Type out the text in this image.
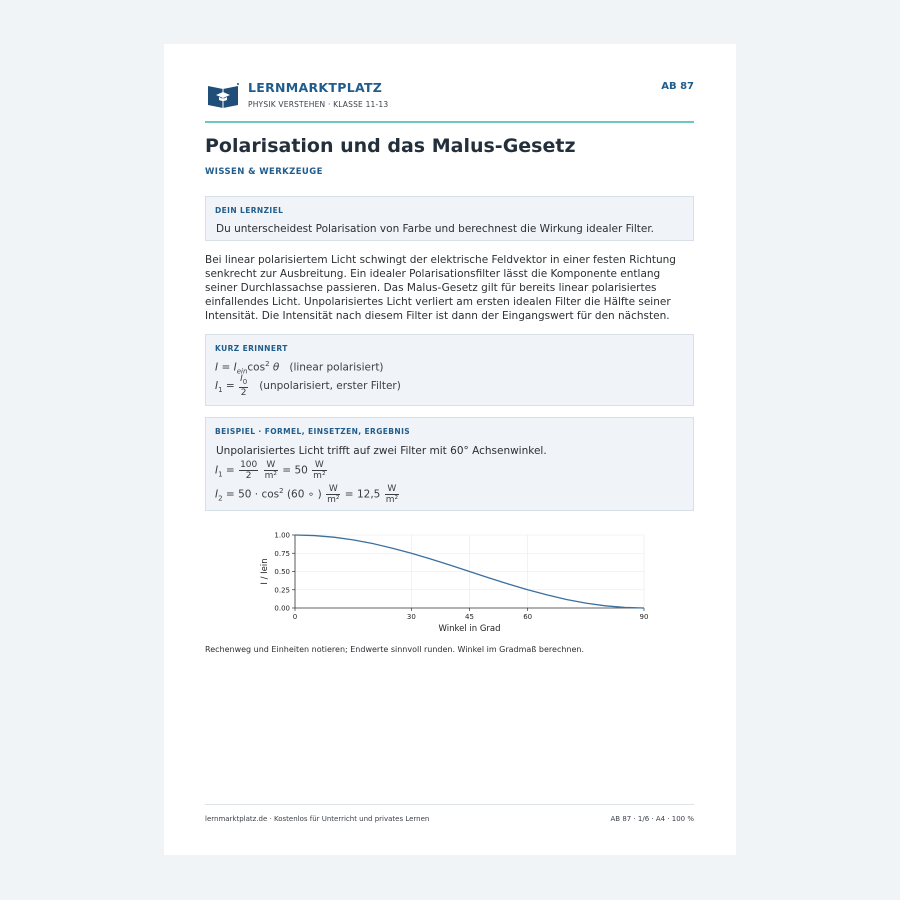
LERNMARKTPLATZ
PHYSIK VERSTEHEN · KLASSE 11-13
AB 87
Polarisation und das Malus-Gesetz
WISSEN & WERKZEUGE
DEIN LERNZIEL
Du unterscheidest Polarisation von Farbe und berechnest die Wirkung idealer Filter.
Bei linear polarisiertem Licht schwingt der elektrische Feldvektor in einer festen Richtung senkrecht zur Ausbreitung. Ein idealer Polarisationsfilter lässt die Komponente entlang seiner Durchlassachse passieren. Das Malus-Gesetz gilt für bereits linear polarisiertes einfallendes Licht. Unpolarisiertes Licht verliert am ersten idealen Filter die Hälfte seiner Intensität. Die Intensität nach diesem Filter ist dann der Eingangswert für den nächsten.
KURZ ERINNERT
$I = I_{ein}\cos^2$ θ (linear polarisiert)
$I_1 = \frac{I_0}{2}$ (unpolarisiert, erster Filter)
BEISPIEL · FORMEL, EINSETZEN, ERGEBNIS
Unpolarisiertes Licht trifft auf zwei Filter mit 60° Achsenwinkel.
$I_1 = \frac{100}{2}$
$\frac{W}{\text{m²}} = 50 \frac{W}{\text{m²}}$
$I_2 = 50 \cdot \cos^2 (60$ ∘ ) $\frac{W}{\text{m²}} = 12,5 \frac{W}{\text{m²}}$
0	30	45	60	90
0.00
0.25
0.50
0.75
1.00
Winkel in Grad
I / Iein
Rechenweg und Einheiten notieren; Endwerte sinnvoll runden. Winkel im Gradmaß berechnen.
lernmarktplatz.de · Kostenlos für Unterricht und privates Lernen	AB 87 · 1/6 · A4 · 100 %
